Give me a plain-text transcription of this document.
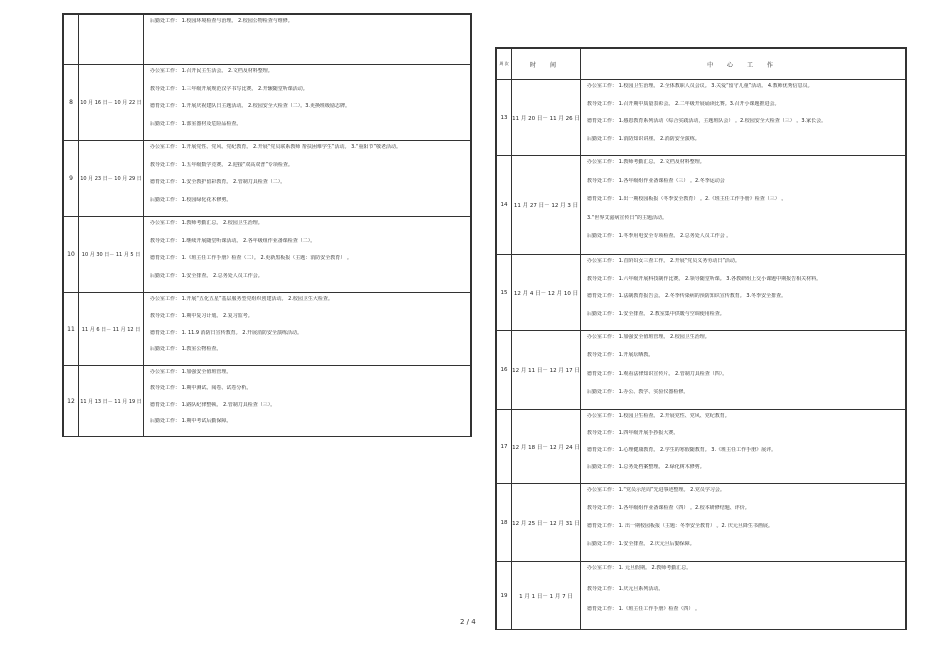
		后勤处工作： 1.校园环境检查与治理。 2.校园公物检查与维修。

8	10 月 16 日－ 10 月 22 日	办公室工作： 1.召开民主生活会。 2.文档及材料整理。
教导处工作： 1.三年级开展规范汉字书写比赛。 2.开辗随堂听课活动。
德育处工作： 1.开展庆祝建队日主题活动。 2.校园安全大检查（二）。3.更换班级励志牌。
后勤处工作： 1.部室器材及危险品检查。

9	10 月 23 日－ 10 月 29 日	办公室工作： 1.开展党性、党风、党纪教育。 2.开展“党员联系教师 帮扶困难学生”活动。 3.“重阳节”敬老活动。
教导处工作： 1.五年级数学竞赛。 2.迎接“双高双普”专项检查。
德育处工作： 1.安全教护留彩教育。 2.管制刀具检查（二）。
后勤处工作： 1.校园绿化花木修剪。

10	10 月 30 日－ 11 月 5 日	办公室工作： 1.教师考勤汇总。 2.校园卫生治理。
教导处工作： 1.继续开展随堂听课活动。 2.各年级组作业备课检查（二）。
德育处工作： 1.《班主任工作手册》检查（二）。 2.更新黑板报（主题：消防安全教育） 。
后勤处工作： 1.安全排查。 2.总务处人员工作会。

11	11 月 6 日－ 11 月 12 日	办公室工作： 1.开展“五化五星”基层服务型党组织创建活动。 2.校园卫生大检查。
教导处工作： 1.期中复习计划。 2.复习监考。
德育处工作： 1. 11.9 消防日宣传教育。 2.开展消防安全演练活动。
后勤处工作： 1.教室公物检查。

12	11 月 13 日－ 11 月 19 日	办公室工作： 1.加强安全值班管理。
教导处工作： 1.期中测试、阅卷、试卷分析。
德育处工作： 1.路队纪律整顿。 2.管制刀具检查（三）。
后勤处工作： 1.期中考试后勤保障。
周 次	时 间	中 心 工 作
13	11 月 20 日－ 11 月 26 日	办公室工作： 1.校园卫生治理。 2.全体教职人员会议。 3.关爱“留守儿童”活动。 4.教师优秀信息员。
教导处工作： 1.召开期中质量表彰会。 2.二年级开展诵读比赛。3.召开小课题推进会。
德育处工作： 1.感恩教育系列活动（综合实践活动，主题班队会） 。2.校园安全大检查（三） 。3.家长会。
后勤处工作： 1.消防知识讲座。 2.消防安全演练。

14	11 月 27 日－ 12 月 3 日	办公室工作： 1.教师考勤汇总。 2.文档及材料整理。
教导处工作： 1.各年级组作业备课检查（三） 。2.冬季运动会
德育处工作： 1.出一期校园板报（冬季安全教育） 。2.《班主任工作手册》检查（三） 。
3.“世界艾滋病宣传日”的主题活动。
后勤处工作： 1.冬季用电安全专项检查。 2.总务处人员工作会 。

15	12 月 4 日－ 12 月 10 日	办公室工作： 1.首阶妇女三查工作。 2.开展“党员义务劳动日”活动。
教导处工作： 1.六年级开展科技制作比赛。 2.领导随堂听课。 3.各教研组上交小课题中期报告相关材料。
德育处工作： 1.法制教育报告会。 2.冬季传染病的预防知识宣传教育。 3.冬季安全排查。
后勤处工作： 1.安全排查。 2.教室集中供暖与空调使用检查。

16	12 月 11 日－ 12 月 17 日	办公室工作： 1.加强安全值班管理。 2.校园卫生治理。
教导处工作： 1.开展坛晒教。
德育处工作： 1.观看法律知识宣传片。 2.管制刀具检查（四）。
后勤处工作： 1.办公、教学、实验仪器检修。

17	12 月 18 日－ 12 月 24 日	办公室工作： 1.校园卫生检查。 2.开展党性、党风、党纪教育。
教导处工作： 1.四年级开展手抄报大赛。
德育处工作： 1.心理健康教育。 2.学生的寒假随教育。 3.《班主任工作手册》展评。
后勤处工作： 1.总务处档案整理。 2.绿化树木修剪。

18	12 月 25 日－ 12 月 31 日	办公室工作： 1.“党员示范周”先进事迹整理。 2.党员学习会。
教导处工作： 1.各年级组作业备课检查（四） 。2.校本研修结题、评价。
德育处工作： 1. 出一期校园板报（主题：冬季安全教育） 。2. 庆元旦降生书画展。
后勤处工作： 1.安全排查。 2.庆元旦后勤保障。

19	1 月 1 日－ 1 月 7 日	办公室工作： 1. 元旦假期。 2.教师考勤汇总。
教导处工作： 1.庆元旦系列活动。
德育处工作： 1.《班主任工作手册》检查（四） 。
2 / 4
